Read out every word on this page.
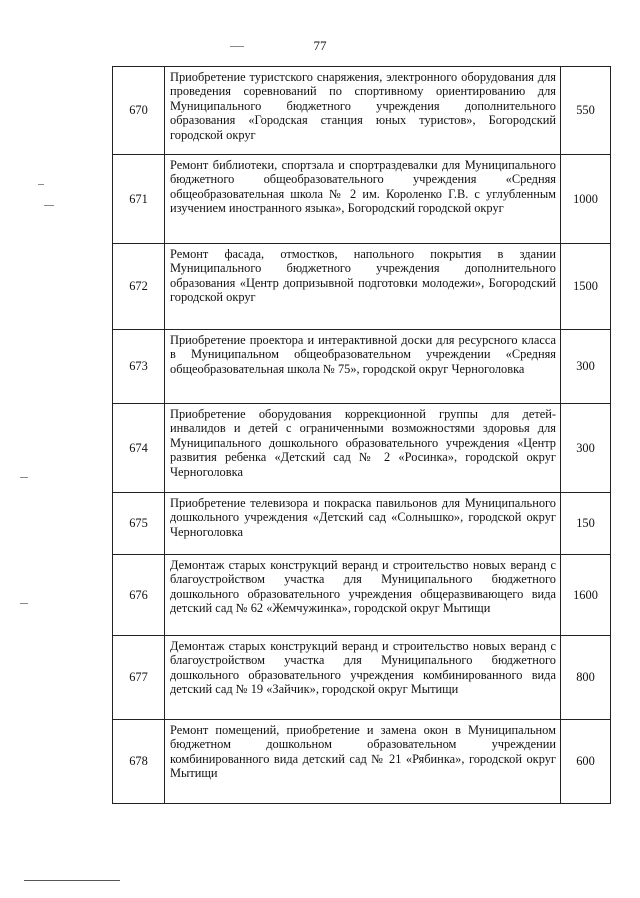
77
670	Приобретение туристского снаряжения, электронного оборудования для проведения соревнований по спортивному ориентированию для Муниципального бюджетного учреждения дополнительного образования «Городская станция юных туристов», Богородский городской округ	550
671	Ремонт библиотеки, спортзала и спортраздевалки для Муниципального бюджетного общеобразовательного учреждения «Средняя общеобразовательная школа № 2 им. Короленко Г.В. с углубленным изучением иностранного языка», Богородский городской округ	1000
672	Ремонт фасада, отмостков, напольного покрытия в здании Муниципального бюджетного учреждения дополнительного образования «Центр допризывной подготовки молодежи», Богородский городской округ	1500
673	Приобретение проектора и интерактивной доски для ресурсного класса в Муниципальном общеобразовательном учреждении «Средняя общеобразовательная школа № 75», городской округ Черноголовка	300
674	Приобретение оборудования коррекционной группы для детей-инвалидов и детей с ограниченными возможностями здоровья для Муниципального дошкольного образовательного учреждения «Центр развития ребенка «Детский сад № 2 «Росинка», городской округ Черноголовка	300
675	Приобретение телевизора и покраска павильонов для Муниципального дошкольного учреждения «Детский сад «Солнышко», городской округ Черноголовка	150
676	Демонтаж старых конструкций веранд и строительство новых веранд с благоустройством участка для Муниципального бюджетного дошкольного образовательного учреждения общеразвивающего вида детский сад № 62 «Жемчужинка», городской округ Мытищи	1600
677	Демонтаж старых конструкций веранд и строительство новых веранд с благоустройством участка для Муниципального бюджетного дошкольного образовательного учреждения комбинированного вида детский сад № 19 «Зайчик», городской округ Мытищи	800
678	Ремонт помещений, приобретение и замена окон в Муниципальном бюджетном дошкольном образовательном учреждении комбинированного вида детский сад № 21 «Рябинка», городской округ Мытищи	600
